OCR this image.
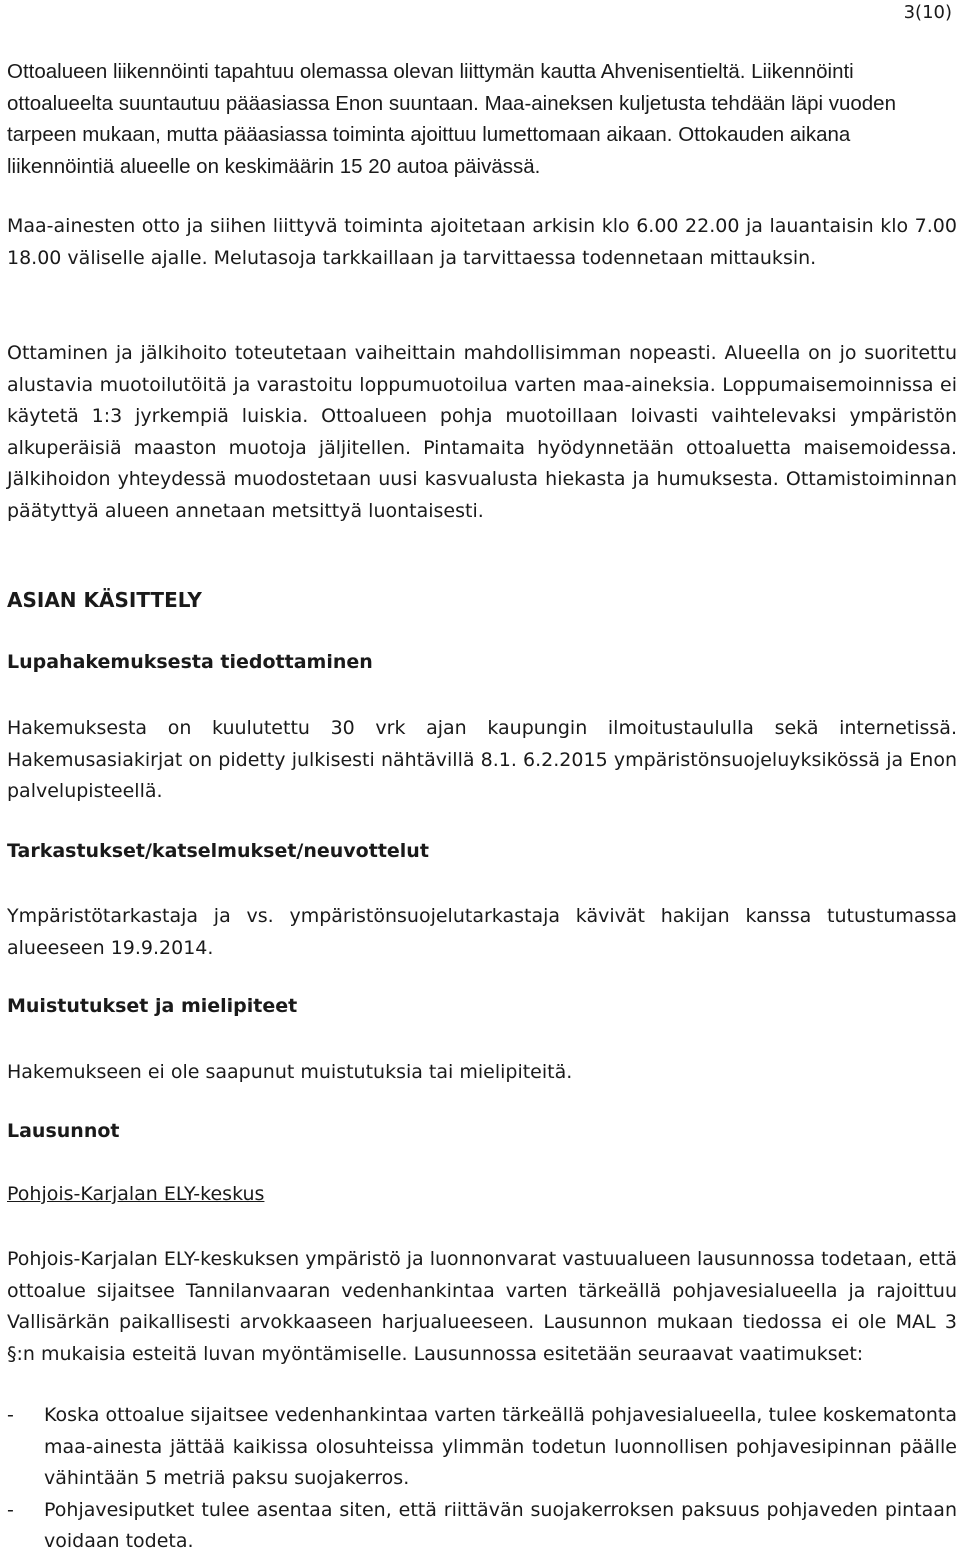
3(10)

Ottoalueen liikennöinti tapahtuu olemassa olevan liittymän kautta Ahvenisentieltä. Liikennöinti ottoalueelta suuntautuu pääasiassa Enon suuntaan. Maa-aineksen kuljetusta tehdään läpi vuoden tarpeen mukaan, mutta pääasiassa toiminta ajoittuu lumettomaan aikaan. Ottokauden aikana liikennöintiä alueelle on keskimäärin 15 20 autoa päivässä.

Maa-ainesten otto ja siihen liittyvä toiminta ajoitetaan arkisin klo 6.00 22.00 ja lauantaisin klo 7.00 18.00 väliselle ajalle. Melutasoja tarkkaillaan ja tarvittaessa todennetaan mittauksin.

Ottaminen ja jälkihoito toteutetaan vaiheittain mahdollisimman nopeasti. Alueella on jo suoritettu alustavia muotoilutöitä ja varastoitu loppumuotoilua varten maa-aineksia. Loppumaisemoinnissa ei käytetä 1:3 jyrkempiä luiskia. Ottoalueen pohja muotoillaan loivasti vaihtelevaksi ympäristön alkuperäisiä maaston muotoja jäljitellen. Pintamaita hyödynnetään ottoaluetta maisemoidessa. Jälkihoidon yhteydessä muodostetaan uusi kasvualusta hiekasta ja humuksesta. Ottamistoiminnan päätyttyä alueen annetaan metsittyä luontaisesti.

ASIAN KÄSITTELY
Lupahakemuksesta tiedottaminen

Hakemuksesta on kuulutettu 30 vrk ajan kaupungin ilmoitustaululla sekä internetissä. Hakemusasiakirjat on pidetty julkisesti nähtävillä 8.1. 6.2.2015 ympäristönsuojeluyksikössä ja Enon palvelupisteellä.

Tarkastukset/katselmukset/neuvottelut

Ympäristötarkastaja ja vs. ympäristönsuojelutarkastaja kävivät hakijan kanssa tutustumassa alueeseen 19.9.2014.

Muistutukset ja mielipiteet

Hakemukseen ei ole saapunut muistutuksia tai mielipiteitä.

Lausunnot
Pohjois-Karjalan ELY-keskus

Pohjois-Karjalan ELY-keskuksen ympäristö ja luonnonvarat vastuualueen lausunnossa todetaan, että ottoalue sijaitsee Tannilanvaaran vedenhankintaa varten tärkeällä pohjavesialueella ja rajoittuu Vallisärkän paikallisesti arvokkaaseen harjualueeseen. Lausunnon mukaan tiedossa ei ole MAL 3 §:n mukaisia esteitä luvan myöntämiselle. Lausunnossa esitetään seuraavat vaatimukset:

- Koska ottoalue sijaitsee vedenhankintaa varten tärkeällä pohjavesialueella, tulee koskematonta maa-ainesta jättää kaikissa olosuhteissa ylimmän todetun luonnollisen pohjavesipinnan päälle vähintään 5 metriä paksu suojakerros.
- Pohjavesiputket tulee asentaa siten, että riittävän suojakerroksen paksuus pohjaveden pintaan voidaan todeta.
